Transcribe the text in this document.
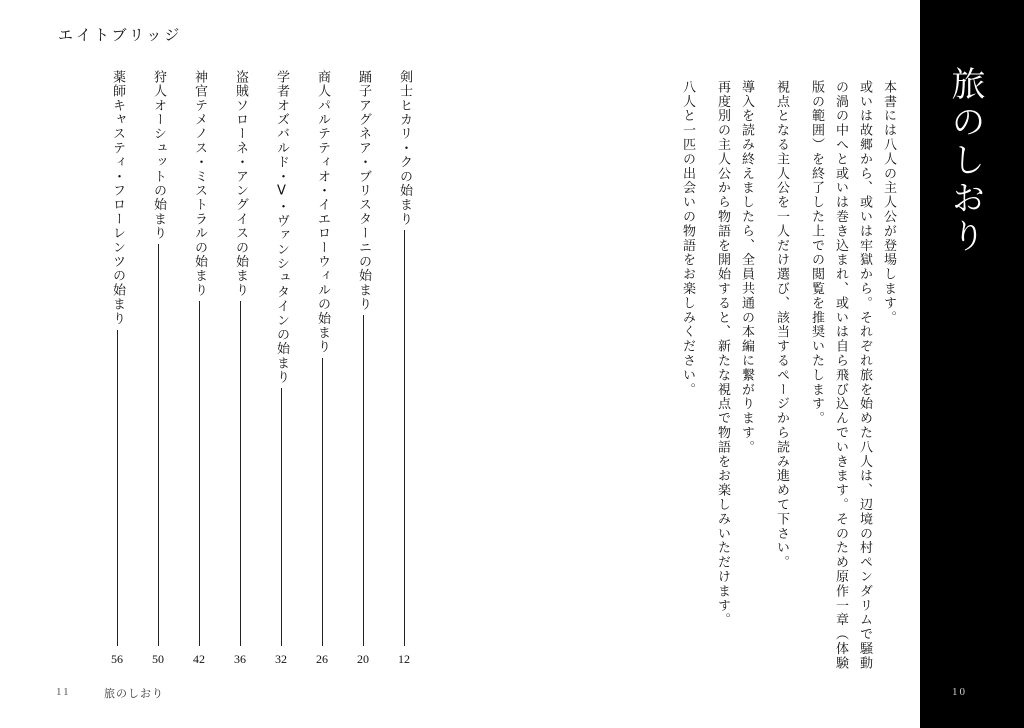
エイトブリッジ
剣士ヒカリ・クの始まり
12
踊子アグネア・ブリスターニの始まり
20
商人パルテティオ・イエローウィルの始まり
26
学者オズバルド・V・ヴァンシュタインの始まり
32
盗賊ソローネ・アングイスの始まり
36
神官テメノス・ミストラルの始まり
42
狩人オーシュットの始まり
50
薬師キャスティ・フローレンツの始まり
56

本書には八人の主人公が登場します。

或いは故郷から、或いは牢獄から。それぞれ旅を始めた八人は、辺境の村ペンダリムで騒動の渦の中へと或いは巻き込まれ、或いは自ら飛び込んでいきます。そのため原作一章（体験版の範囲）を終了した上での閲覧を推奨いたします。

視点となる主人公を一人だけ選び、該当するページから読み進めて下さい。

導入を読み終えましたら、全員共通の本編に繋がります。

再度別の主人公から物語を開始すると、新たな視点で物語をお楽しみいただけます。

八人と一匹の出会いの物語をお楽しみください。	旅のしおり
11	旅のしおり	10
